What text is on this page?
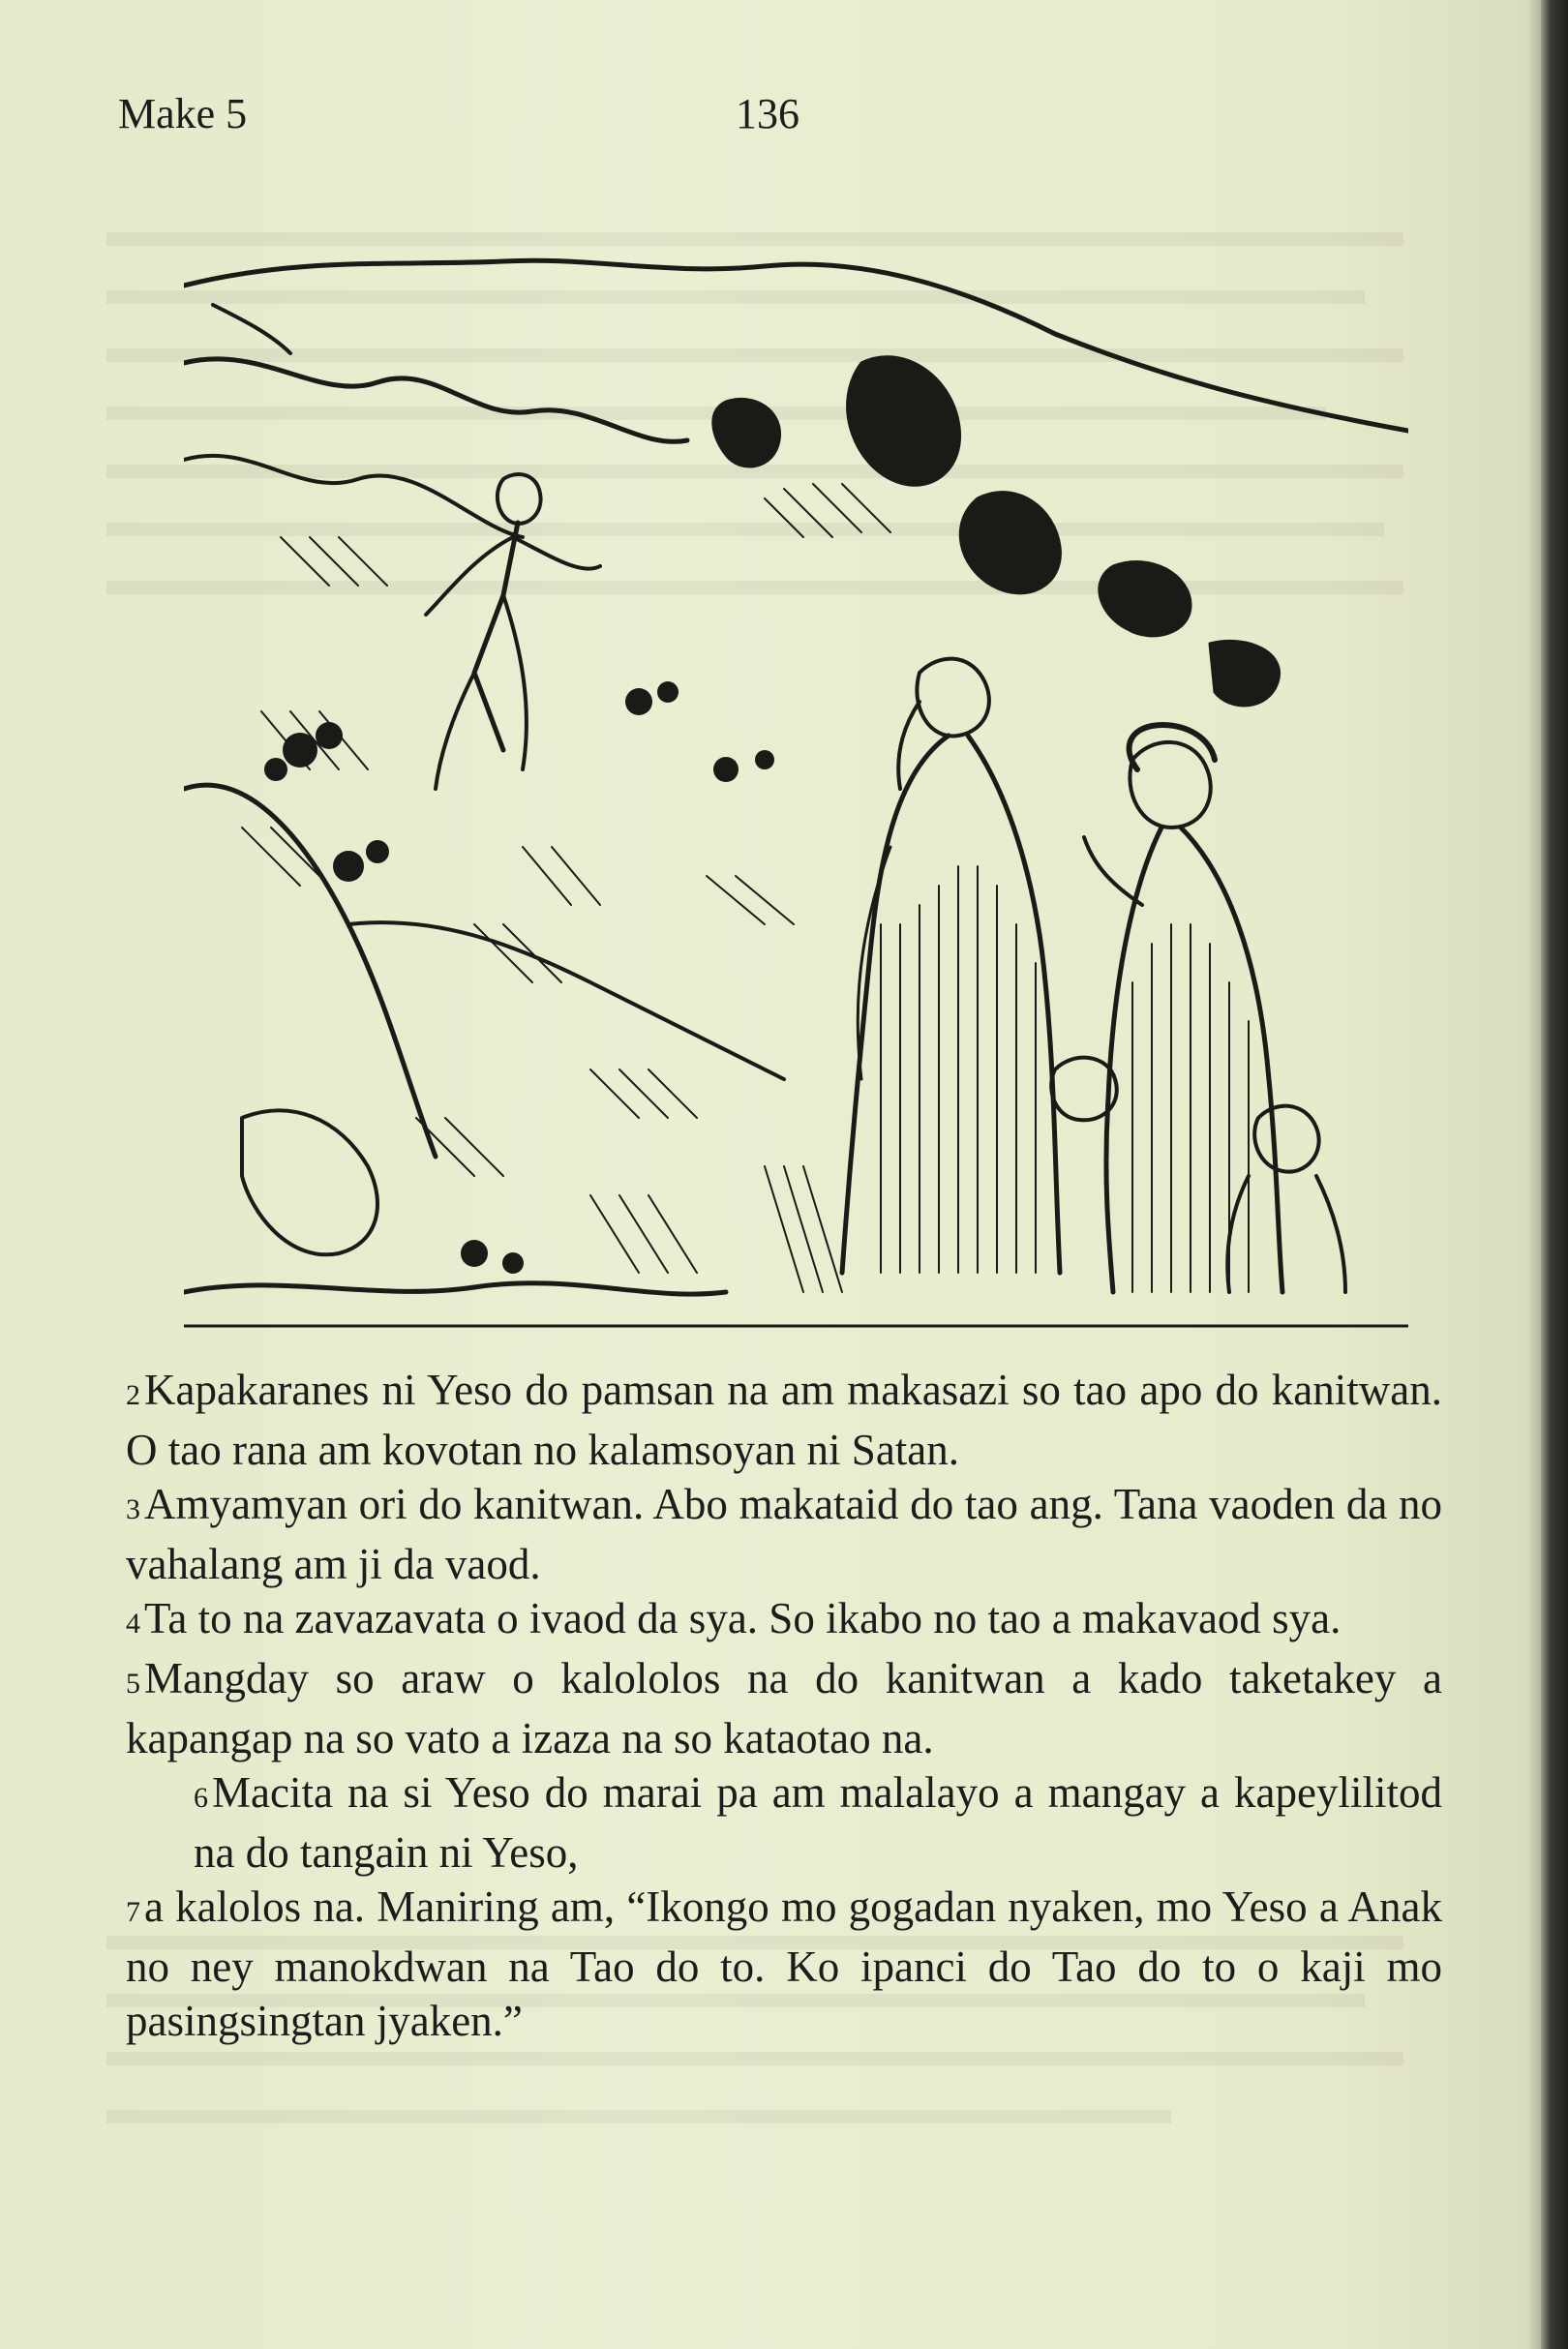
Make 5	136
2Kapakaranes ni Yeso do pamsan na am makasazi so tao apo do kanitwan. O tao rana am kovotan no kalamsoyan ni Satan.
3Amyamyan ori do kanitwan. Abo makataid do tao ang. Tana vaoden da no vahalang am ji da vaod.
4Ta to na zavazavata o ivaod da sya. So ikabo no tao a makavaod sya.
5Mangday so araw o kalololos na do kanitwan a kado taketakey a kapangap na so vato a izaza na so kataotao na.
6Macita na si Yeso do marai pa am malalayo a mangay a kapeylilitod na do tangain ni Yeso,
7a kalolos na. Maniring am, “Ikongo mo gogadan nyaken, mo Yeso a Anak no ney manokdwan na Tao do to. Ko ipanci do Tao do to o kaji mo pasingsingtan jyaken.”
